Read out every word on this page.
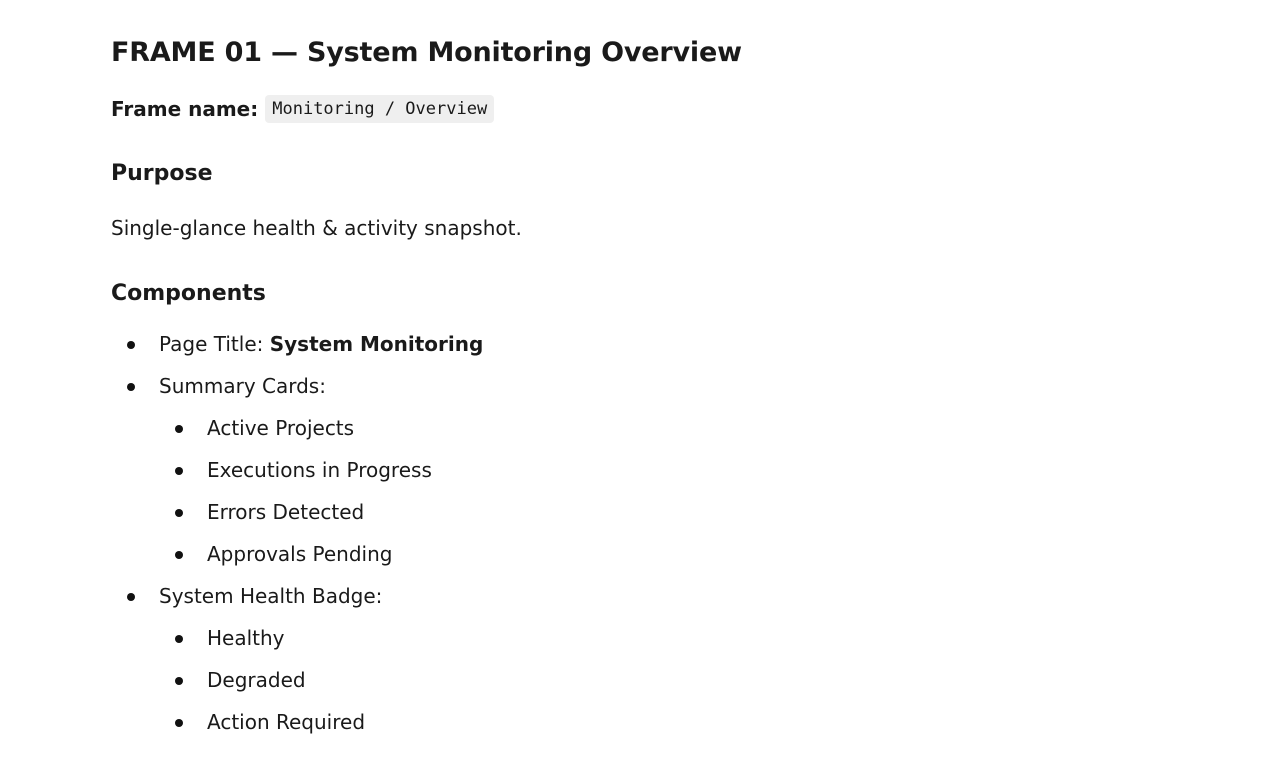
FRAME 01 — System Monitoring Overview
Frame name: Monitoring / Overview
Purpose

Single-glance health & activity snapshot.

Components
Page Title: System Monitoring
Summary Cards:
Active Projects
Executions in Progress
Errors Detected
Approvals Pending
System Health Badge:
Healthy
Degraded
Action Required
